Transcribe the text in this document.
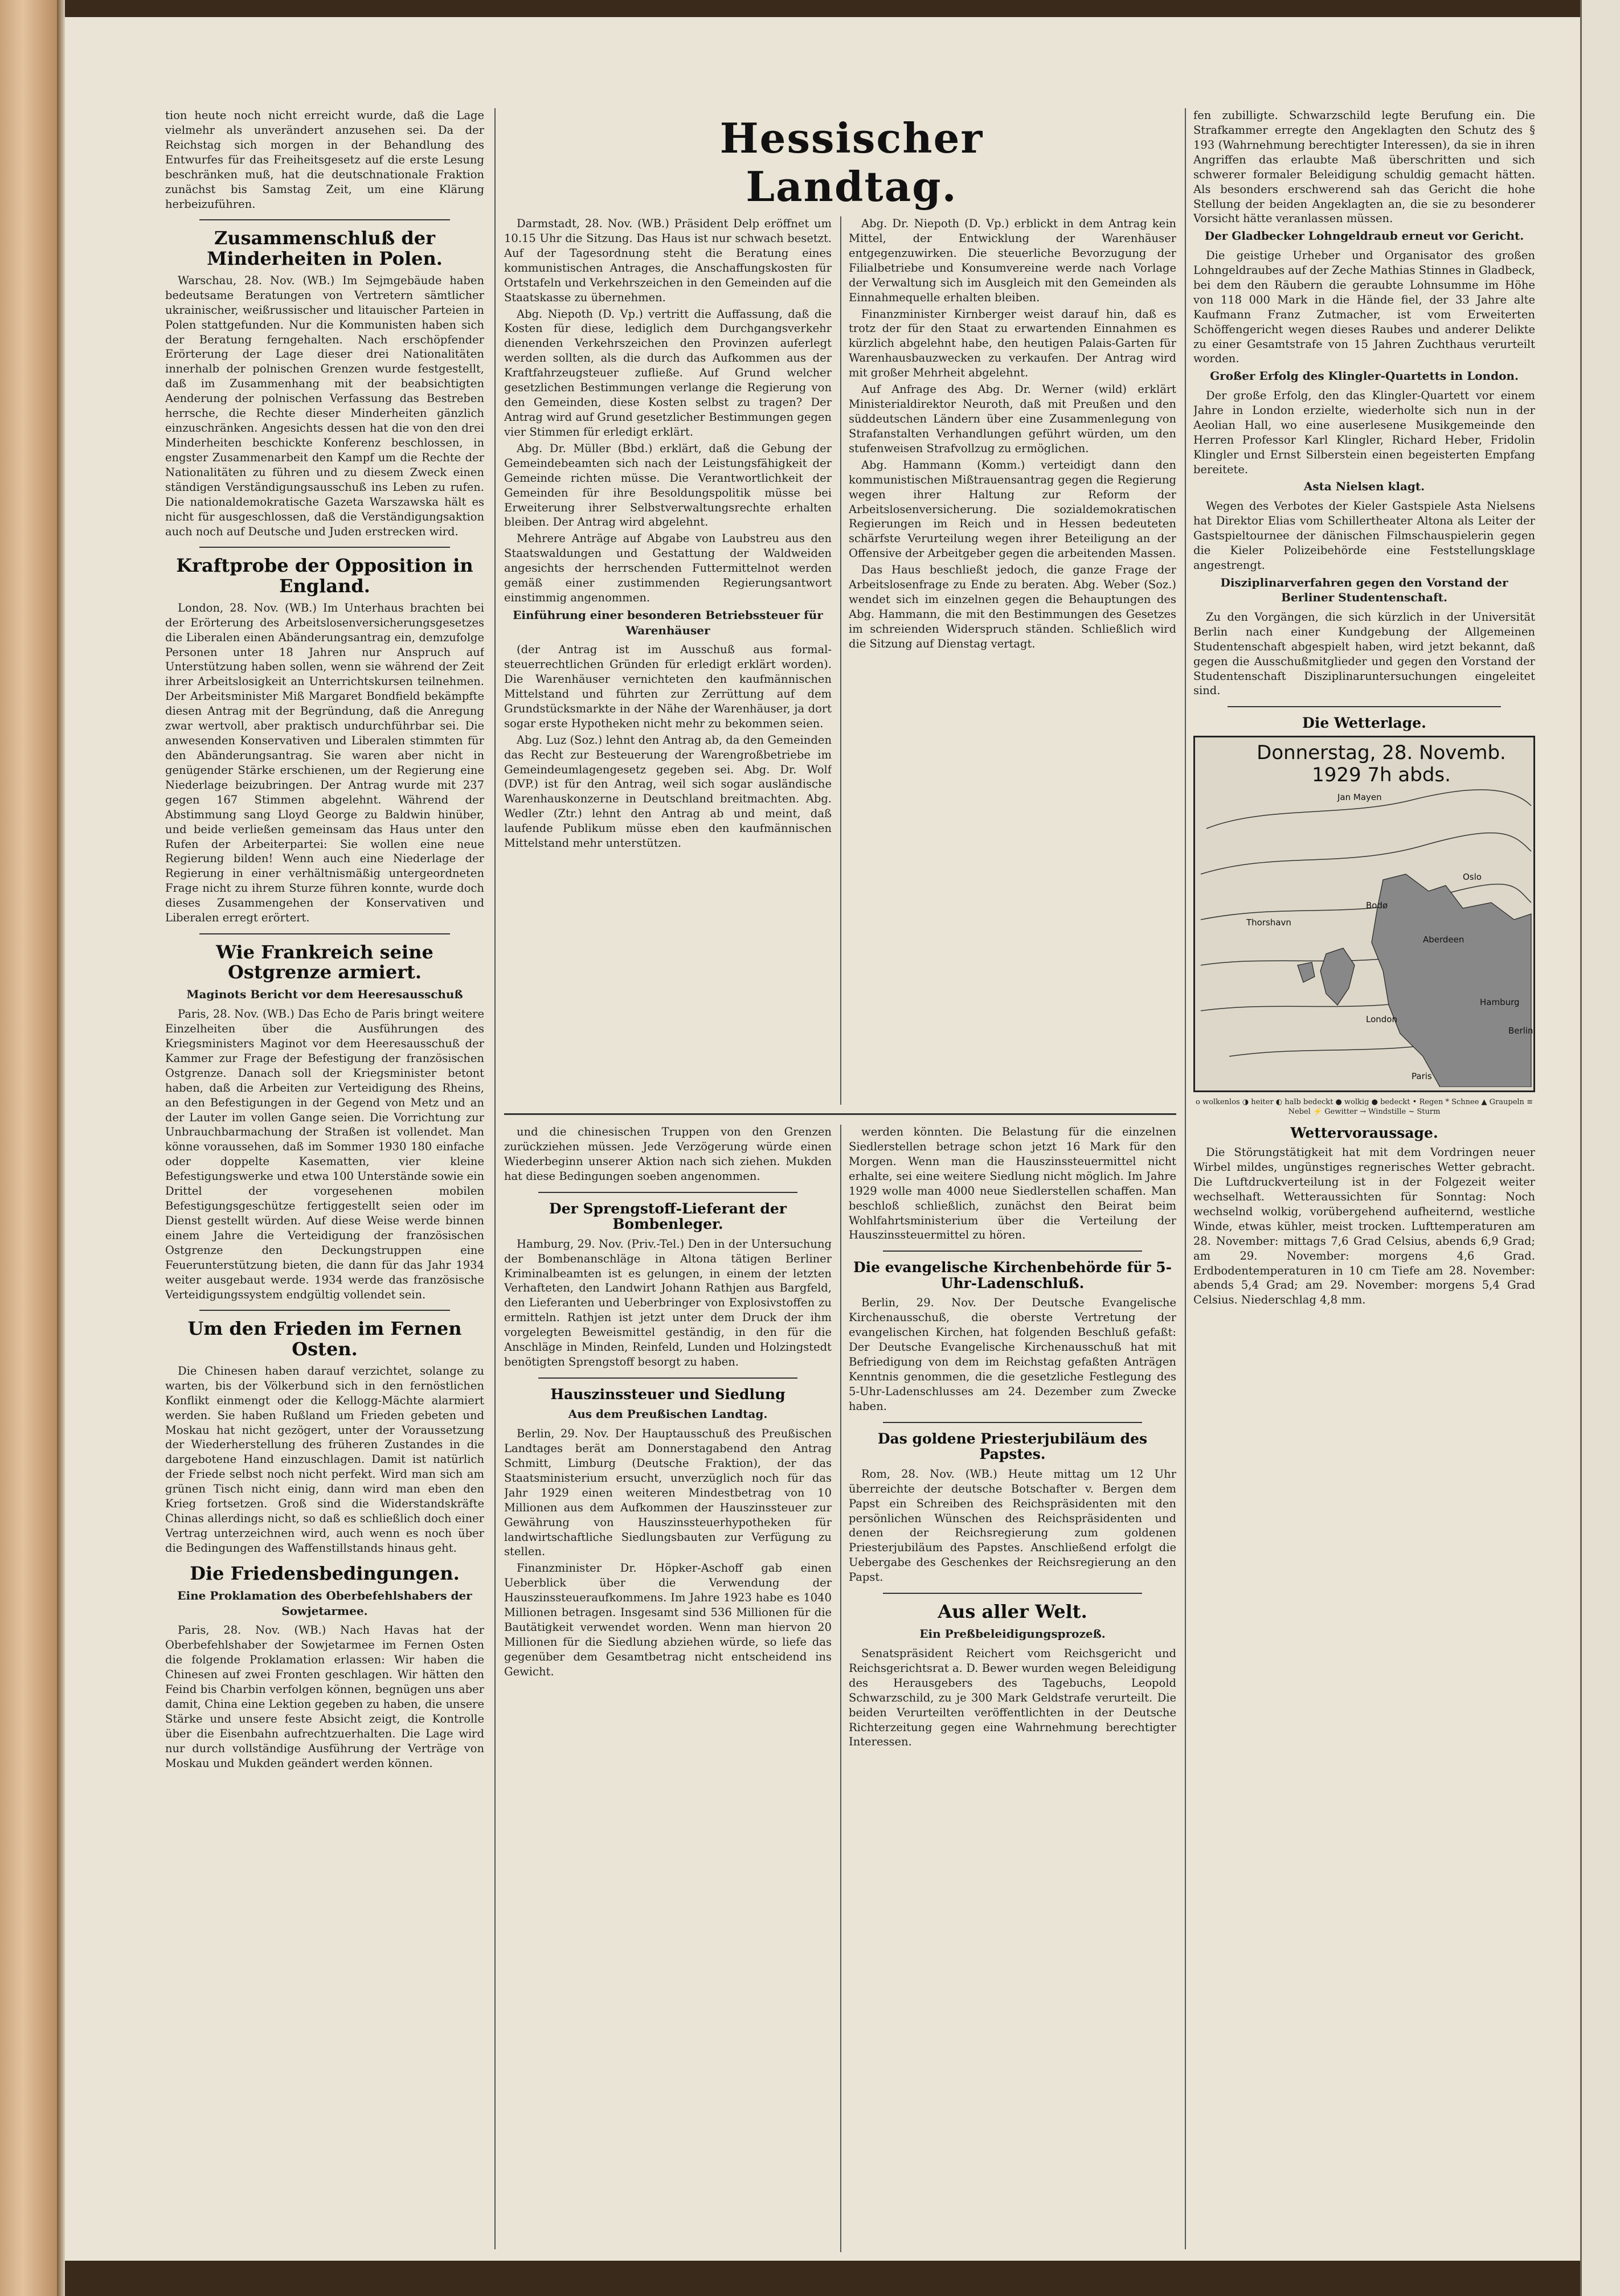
Hessischer Landtag.

tion heute noch nicht erreicht wurde, daß die Lage vielmehr als unverändert anzusehen sei. Da der Reichstag sich morgen in der Behandlung des Entwurfes für das Freiheitsgesetz auf die erste Lesung beschränken muß, hat die deutschnationale Fraktion zunächst bis Samstag Zeit, um eine Klärung herbeizuführen.

Zusammenschluß der Minderheiten in Polen.

Warschau, 28. Nov. (WB.) Im Sejmgebäude haben bedeutsame Beratungen von Vertretern sämtlicher ukrainischer, weißrussischer und litauischer Parteien in Polen stattgefunden. Nur die Kommunisten haben sich der Beratung ferngehalten. Nach erschöpfender Erörterung der Lage dieser drei Nationalitäten innerhalb der polnischen Grenzen wurde festgestellt, daß im Zusammenhang mit der beabsichtigten Aenderung der polnischen Verfassung das Bestreben herrsche, die Rechte dieser Minderheiten gänzlich einzuschränken. Angesichts dessen hat die von den drei Minderheiten beschickte Konferenz beschlossen, in engster Zusammenarbeit den Kampf um die Rechte der Nationalitäten zu führen und zu diesem Zweck einen ständigen Verständigungsausschuß ins Leben zu rufen. Die nationaldemokratische Gazeta Warszawska hält es nicht für ausgeschlossen, daß die Verständigungsaktion auch noch auf Deutsche und Juden erstrecken wird.

Kraftprobe der Opposition in England.

London, 28. Nov. (WB.) Im Unterhaus brachten bei der Erörterung des Arbeitslosenversicherungsgesetzes die Liberalen einen Abänderungsantrag ein, demzufolge Personen unter 18 Jahren nur Anspruch auf Unterstützung haben sollen, wenn sie während der Zeit ihrer Arbeitslosigkeit an Unterrichtskursen teilnehmen. Der Arbeitsminister Miß Margaret Bondfield bekämpfte diesen Antrag mit der Begründung, daß die Anregung zwar wertvoll, aber praktisch undurchführbar sei. Die anwesenden Konservativen und Liberalen stimmten für den Abänderungsantrag. Sie waren aber nicht in genügender Stärke erschienen, um der Regierung eine Niederlage beizubringen. Der Antrag wurde mit 237 gegen 167 Stimmen abgelehnt. Während der Abstimmung sang Lloyd George zu Baldwin hinüber, und beide verließen gemeinsam das Haus unter den Rufen der Arbeiterpartei: Sie wollen eine neue Regierung bilden! Wenn auch eine Niederlage der Regierung in einer verhältnismäßig untergeordneten Frage nicht zu ihrem Sturze führen konnte, wurde doch dieses Zusammengehen der Konservativen und Liberalen erregt erörtert.

Wie Frankreich seine Ostgrenze armiert.
Maginots Bericht vor dem Heeresausschuß

Paris, 28. Nov. (WB.) Das Echo de Paris bringt weitere Einzelheiten über die Ausführungen des Kriegsministers Maginot vor dem Heeresausschuß der Kammer zur Frage der Befestigung der französischen Ostgrenze. Danach soll der Kriegsminister betont haben, daß die Arbeiten zur Verteidigung des Rheins, an den Befestigungen in der Gegend von Metz und an der Lauter im vollen Gange seien. Die Vorrichtung zur Unbrauchbarmachung der Straßen ist vollendet. Man könne voraussehen, daß im Sommer 1930 180 einfache oder doppelte Kasematten, vier kleine Befestigungswerke und etwa 100 Unterstände sowie ein Drittel der vorgesehenen mobilen Befestigungsgeschütze fertiggestellt seien oder im Dienst gestellt würden. Auf diese Weise werde binnen einem Jahre die Verteidigung der französischen Ostgrenze den Deckungstruppen eine Feuerunterstützung bieten, die dann für das Jahr 1934 weiter ausgebaut werde. 1934 werde das französische Verteidigungssystem endgültig vollendet sein.

Um den Frieden im Fernen Osten.

Die Chinesen haben darauf verzichtet, solange zu warten, bis der Völkerbund sich in den fernöstlichen Konflikt einmengt oder die Kellogg-Mächte alarmiert werden. Sie haben Rußland um Frieden gebeten und Moskau hat nicht gezögert, unter der Voraussetzung der Wiederherstellung des früheren Zustandes in die dargebotene Hand einzuschlagen. Damit ist natürlich der Friede selbst noch nicht perfekt. Wird man sich am grünen Tisch nicht einig, dann wird man eben den Krieg fortsetzen. Groß sind die Widerstandskräfte Chinas allerdings nicht, so daß es schließlich doch einer Vertrag unterzeichnen wird, auch wenn es noch über die Bedingungen des Waffenstillstands hinaus geht.

Die Friedensbedingungen.
Eine Proklamation des Oberbefehlshabers der Sowjetarmee.

Paris, 28. Nov. (WB.) Nach Havas hat der Oberbefehlshaber der Sowjetarmee im Fernen Osten die folgende Proklamation erlassen: Wir haben die Chinesen auf zwei Fronten geschlagen. Wir hätten den Feind bis Charbin verfolgen können, begnügen uns aber damit, China eine Lektion gegeben zu haben, die unsere Stärke und unsere feste Absicht zeigt, die Kontrolle über die Eisenbahn aufrechtzuerhalten. Die Lage wird nur durch vollständige Ausführung der Verträge von Moskau und Mukden geändert werden können.

Darmstadt, 28. Nov. (WB.) Präsident Delp eröffnet um 10.15 Uhr die Sitzung. Das Haus ist nur schwach besetzt. Auf der Tagesordnung steht die Beratung eines kommunistischen Antrages, die Anschaffungskosten für Ortstafeln und Verkehrszeichen in den Gemeinden auf die Staatskasse zu übernehmen.

Abg. Niepoth (D. Vp.) vertritt die Auffassung, daß die Kosten für diese, lediglich dem Durchgangsverkehr dienenden Verkehrszeichen den Provinzen auferlegt werden sollten, als die durch das Aufkommen aus der Kraftfahrzeugsteuer zufließe. Auf Grund welcher gesetzlichen Bestimmungen verlange die Regierung von den Gemeinden, diese Kosten selbst zu tragen? Der Antrag wird auf Grund gesetzlicher Bestimmungen gegen vier Stimmen für erledigt erklärt.

Abg. Dr. Müller (Bbd.) erklärt, daß die Gebung der Gemeindebeamten sich nach der Leistungsfähigkeit der Gemeinde richten müsse. Die Verantwortlichkeit der Gemeinden für ihre Besoldungspolitik müsse bei Erweiterung ihrer Selbstverwaltungsrechte erhalten bleiben. Der Antrag wird abgelehnt.

Mehrere Anträge auf Abgabe von Laubstreu aus den Staatswaldungen und Gestattung der Waldweiden angesichts der herrschenden Futtermittelnot werden gemäß einer zustimmenden Regierungsantwort einstimmig angenommen.

Einführung einer besonderen Betriebssteuer für Warenhäuser

(der Antrag ist im Ausschuß aus formal-steuerrechtlichen Gründen für erledigt erklärt worden). Die Warenhäuser vernichteten den kaufmännischen Mittelstand und führten zur Zerrüttung auf dem Grundstücksmarkte in der Nähe der Warenhäuser, ja dort sogar erste Hypotheken nicht mehr zu bekommen seien.

Abg. Luz (Soz.) lehnt den Antrag ab, da den Gemeinden das Recht zur Besteuerung der Warengroßbetriebe im Gemeindeumlagengesetz gegeben sei. Abg. Dr. Wolf (DVP.) ist für den Antrag, weil sich sogar ausländische Warenhauskonzerne in Deutschland breitmachten. Abg. Wedler (Ztr.) lehnt den Antrag ab und meint, daß laufende Publikum müsse eben den kaufmännischen Mittelstand mehr unterstützen.

Abg. Dr. Niepoth (D. Vp.) erblickt in dem Antrag kein Mittel, der Entwicklung der Warenhäuser entgegenzuwirken. Die steuerliche Bevorzugung der Filialbetriebe und Konsumvereine werde nach Vorlage der Verwaltung sich im Ausgleich mit den Gemeinden als Einnahmequelle erhalten bleiben.

Finanzminister Kirnberger weist darauf hin, daß es trotz der für den Staat zu erwartenden Einnahmen es kürzlich abgelehnt habe, den heutigen Palais-Garten für Warenhausbauzwecken zu verkaufen. Der Antrag wird mit großer Mehrheit abgelehnt.

Auf Anfrage des Abg. Dr. Werner (wild) erklärt Ministerialdirektor Neuroth, daß mit Preußen und den süddeutschen Ländern über eine Zusammenlegung von Strafanstalten Verhandlungen geführt würden, um den stufenweisen Strafvollzug zu ermöglichen.

Abg. Hammann (Komm.) verteidigt dann den kommunistischen Mißtrauensantrag gegen die Regierung wegen ihrer Haltung zur Reform der Arbeitslosenversicherung. Die sozialdemokratischen Regierungen im Reich und in Hessen bedeuteten schärfste Verurteilung wegen ihrer Beteiligung an der Offensive der Arbeitgeber gegen die arbeitenden Massen.

Das Haus beschließt jedoch, die ganze Frage der Arbeitslosenfrage zu Ende zu beraten. Abg. Weber (Soz.) wendet sich im einzelnen gegen die Behauptungen des Abg. Hammann, die mit den Bestimmungen des Gesetzes im schreienden Widerspruch ständen. Schließlich wird die Sitzung auf Dienstag vertagt.

und die chinesischen Truppen von den Grenzen zurückziehen müssen. Jede Verzögerung würde einen Wiederbeginn unserer Aktion nach sich ziehen. Mukden hat diese Bedingungen soeben angenommen.

Der Sprengstoff-Lieferant der Bombenleger.

Hamburg, 29. Nov. (Priv.-Tel.) Den in der Untersuchung der Bombenanschläge in Altona tätigen Berliner Kriminalbeamten ist es gelungen, in einem der letzten Verhafteten, den Landwirt Johann Rathjen aus Bargfeld, den Lieferanten und Ueberbringer von Explosivstoffen zu ermitteln. Rathjen ist jetzt unter dem Druck der ihm vorgelegten Beweismittel geständig, in den für die Anschläge in Minden, Reinfeld, Lunden und Holzingstedt benötigten Sprengstoff besorgt zu haben.

Hauszinssteuer und Siedlung
Aus dem Preußischen Landtag.

Berlin, 29. Nov. Der Hauptausschuß des Preußischen Landtages berät am Donnerstagabend den Antrag Schmitt, Limburg (Deutsche Fraktion), der das Staatsministerium ersucht, unverzüglich noch für das Jahr 1929 einen weiteren Mindestbetrag von 10 Millionen aus dem Aufkommen der Hauszinssteuer zur Gewährung von Hauszinssteuerhypotheken für landwirtschaftliche Siedlungsbauten zur Verfügung zu stellen.

Finanzminister Dr. Höpker-Aschoff gab einen Ueberblick über die Verwendung der Hauszinssteueraufkommens. Im Jahre 1923 habe es 1040 Millionen betragen. Insgesamt sind 536 Millionen für die Bautätigkeit verwendet worden. Wenn man hiervon 20 Millionen für die Siedlung abziehen würde, so liefe das gegenüber dem Gesamtbetrag nicht entscheidend ins Gewicht.

werden könnten. Die Belastung für die einzelnen Siedlerstellen betrage schon jetzt 16 Mark für den Morgen. Wenn man die Hauszinssteuermittel nicht erhalte, sei eine weitere Siedlung nicht möglich. Im Jahre 1929 wolle man 4000 neue Siedlerstellen schaffen. Man beschloß schließlich, zunächst den Beirat beim Wohlfahrtsministerium über die Verteilung der Hauszinssteuermittel zu hören.

Die evangelische Kirchenbehörde für 5-Uhr-Ladenschluß.

Berlin, 29. Nov. Der Deutsche Evangelische Kirchenausschuß, die oberste Vertretung der evangelischen Kirchen, hat folgenden Beschluß gefaßt: Der Deutsche Evangelische Kirchenausschuß hat mit Befriedigung von dem im Reichstag gefaßten Anträgen Kenntnis genommen, die die gesetzliche Festlegung des 5-Uhr-Ladenschlusses am 24. Dezember zum Zwecke haben.

Das goldene Priesterjubiläum des Papstes.

Rom, 28. Nov. (WB.) Heute mittag um 12 Uhr überreichte der deutsche Botschafter v. Bergen dem Papst ein Schreiben des Reichspräsidenten mit den persönlichen Wünschen des Reichspräsidenten und denen der Reichsregierung zum goldenen Priesterjubiläum des Papstes. Anschließend erfolgt die Uebergabe des Geschenkes der Reichsregierung an den Papst.

Aus aller Welt.
Ein Preßbeleidigungsprozeß.

Senatspräsident Reichert vom Reichsgericht und Reichsgerichtsrat a. D. Bewer wurden wegen Beleidigung des Herausgebers des Tagebuchs, Leopold Schwarzschild, zu je 300 Mark Geldstrafe verurteilt. Die beiden Verurteilten veröffentlichten in der Deutsche Richterzeitung gegen eine Wahrnehmung berechtigter Interessen.

fen zubilligte. Schwarzschild legte Berufung ein. Die Strafkammer erregte den Angeklagten den Schutz des § 193 (Wahrnehmung berechtigter Interessen), da sie in ihren Angriffen das erlaubte Maß überschritten und sich schwerer formaler Beleidigung schuldig gemacht hätten. Als besonders erschwerend sah das Gericht die hohe Stellung der beiden Angeklagten an, die sie zu besonderer Vorsicht hätte veranlassen müssen.

Der Gladbecker Lohngeldraub erneut vor Gericht.

Die geistige Urheber und Organisator des großen Lohngeldraubes auf der Zeche Mathias Stinnes in Gladbeck, bei dem den Räubern die geraubte Lohnsumme im Höhe von 118 000 Mark in die Hände fiel, der 33 Jahre alte Kaufmann Franz Zutmacher, ist vom Erweiterten Schöffengericht wegen dieses Raubes und anderer Delikte zu einer Gesamtstrafe von 15 Jahren Zuchthaus verurteilt worden.

Großer Erfolg des Klingler-Quartetts in London.

Der große Erfolg, den das Klingler-Quartett vor einem Jahre in London erzielte, wiederholte sich nun in der Aeolian Hall, wo eine auserlesene Musikgemeinde den Herren Professor Karl Klingler, Richard Heber, Fridolin Klingler und Ernst Silberstein einen begeisterten Empfang bereitete.

Asta Nielsen klagt.

Wegen des Verbotes der Kieler Gastspiele Asta Nielsens hat Direktor Elias vom Schillertheater Altona als Leiter der Gastspieltournee der dänischen Filmschauspielerin gegen die Kieler Polizeibehörde eine Feststellungsklage angestrengt.

Disziplinarverfahren gegen den Vorstand der Berliner Studentenschaft.

Zu den Vorgängen, die sich kürzlich in der Universität Berlin nach einer Kundgebung der Allgemeinen Studentenschaft abgespielt haben, wird jetzt bekannt, daß gegen die Ausschußmitglieder und gegen den Vorstand der Studentenschaft Disziplinaruntersuchungen eingeleitet sind.

Die Wetterlage.
Jan Mayen
Thorshavn
Oslo
Aberdeen
Bodø
Hamburg
Berlin
Paris
London
Donnerstag, 28. Novemb. 1929 7h abds.
o wolkenlos ◑ heiter ◐ halb bedeckt ● wolkig ● bedeckt • Regen * Schnee ▲ Graupeln ≡ Nebel ⚡ Gewitter → Windstille ~ Sturm
Wettervoraussage.

Die Störungstätigkeit hat mit dem Vordringen neuer Wirbel mildes, ungünstiges regnerisches Wetter gebracht. Die Luftdruckverteilung ist in der Folgezeit weiter wechselhaft. Wetteraussichten für Sonntag: Noch wechselnd wolkig, vorübergehend aufheiternd, westliche Winde, etwas kühler, meist trocken. Lufttemperaturen am 28. November: mittags 7,6 Grad Celsius, abends 6,9 Grad; am 29. November: morgens 4,6 Grad. Erdbodentemperaturen in 10 cm Tiefe am 28. November: abends 5,4 Grad; am 29. November: morgens 5,4 Grad Celsius. Niederschlag 4,8 mm.
